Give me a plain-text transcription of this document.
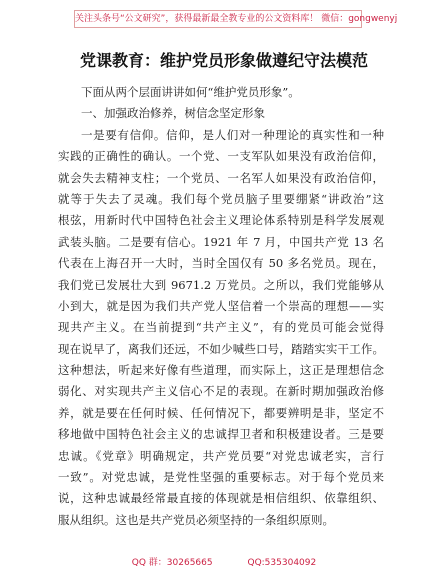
关注头条号“公文研究”，获得最新最全教专业的公文资料库！ 微信：gongwenyj
党课教育：维护党员形象做遵纪守法模范
下面从两个层面讲讲如何“维护党员形象”。
一、加强政治修养，树信念坚定形象
一是要有信仰。信仰，是人们对一种理论的真实性和一种
实践的正确性的确认。一个党、一支军队如果没有政治信仰，
就会失去精神支柱；一个党员、一名军人如果没有政治信仰，
就等于失去了灵魂。我们每个党员脑子里要绷紧“讲政治”这
根弦，用新时代中国特色社会主义理论体系特别是科学发展观
武装头脑。二是要有信心。1921 年 7 月，中国共产党 13 名
代表在上海召开一大时，当时全国仅有 50 多名党员。现在，
我们党已发展壮大到 9671.2 万党员。之所以，我们党能够从
小到大，就是因为我们共产党人坚信着一个崇高的理想——实
现共产主义。在当前提到“共产主义”，有的党员可能会觉得
现在说早了，离我们还远，不如少喊些口号，踏踏实实干工作。
这种想法，听起来好像有些道理，而实际上，这正是理想信念
弱化、对实现共产主义信心不足的表现。在新时期加强政治修
养，就是要在任何时候、任何情况下，都要辨明是非，坚定不
移地做中国特色社会主义的忠诚捍卫者和积极建设者。三是要
忠诚。《党章》明确规定，共产党员要“对党忠诚老实，言行
一致”。对党忠诚，是党性坚强的重要标志。对于每个党员来
说，这种忠诚最经常最直接的体现就是相信组织、依靠组织、
服从组织。这也是共产党员必须坚持的一条组织原则。
QQ 群：30265665	QQ:535304092
